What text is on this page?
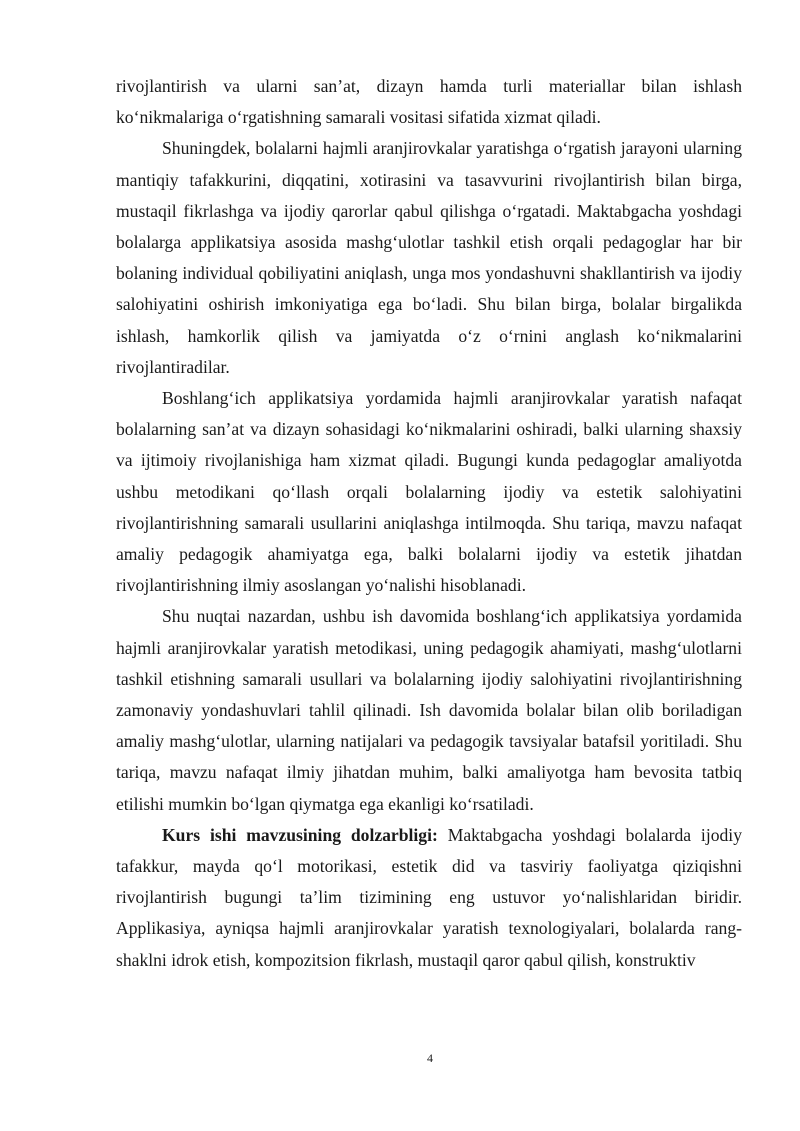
rivojlantirish va ularni san’at, dizayn hamda turli materiallar bilan ishlash ko‘nikmalariga o‘rgatishning samarali vositasi sifatida xizmat qiladi.

Shuningdek, bolalarni hajmli aranjirovkalar yaratishga o‘rgatish jarayoni ularning mantiqiy tafakkurini, diqqatini, xotirasini va tasavvurini rivojlantirish bilan birga, mustaqil fikrlashga va ijodiy qarorlar qabul qilishga o‘rgatadi. Maktabgacha yoshdagi bolalarga applikatsiya asosida mashg‘ulotlar tashkil etish orqali pedagoglar har bir bolaning individual qobiliyatini aniqlash, unga mos yondashuvni shakllantirish va ijodiy salohiyatini oshirish imkoniyatiga ega bo‘ladi. Shu bilan birga, bolalar birgalikda ishlash, hamkorlik qilish va jamiyatda o‘z o‘rnini anglash ko‘nikmalarini rivojlantiradilar.

Boshlang‘ich applikatsiya yordamida hajmli aranjirovkalar yaratish nafaqat bolalarning san’at va dizayn sohasidagi ko‘nikmalarini oshiradi, balki ularning shaxsiy va ijtimoiy rivojlanishiga ham xizmat qiladi. Bugungi kunda pedagoglar amaliyotda ushbu metodikani qo‘llash orqali bolalarning ijodiy va estetik salohiyatini rivojlantirishning samarali usullarini aniqlashga intilmoqda. Shu tariqa, mavzu nafaqat amaliy pedagogik ahamiyatga ega, balki bolalarni ijodiy va estetik jihatdan rivojlantirishning ilmiy asoslangan yo‘nalishi hisoblanadi.

Shu nuqtai nazardan, ushbu ish davomida boshlang‘ich applikatsiya yordamida hajmli aranjirovkalar yaratish metodikasi, uning pedagogik ahamiyati, mashg‘ulotlarni tashkil etishning samarali usullari va bolalarning ijodiy salohiyatini rivojlantirishning zamonaviy yondashuvlari tahlil qilinadi. Ish davomida bolalar bilan olib boriladigan amaliy mashg‘ulotlar, ularning natijalari va pedagogik tavsiyalar batafsil yoritiladi. Shu tariqa, mavzu nafaqat ilmiy jihatdan muhim, balki amaliyotga ham bevosita tatbiq etilishi mumkin bo‘lgan qiymatga ega ekanligi ko‘rsatiladi.

Kurs ishi mavzusining dolzarbligi: Maktabgacha yoshdagi bolalarda ijodiy tafakkur, mayda qo‘l motorikasi, estetik did va tasviriy faoliyatga qiziqishni rivojlantirish bugungi ta’lim tizimining eng ustuvor yo‘nalishlaridan biridir. Applikasiya, ayniqsa hajmli aranjirovkalar yaratish texnologiyalari, bolalarda rang-shaklni idrok etish, kompozitsion fikrlash, mustaqil qaror qabul qilish, konstruktiv

4
